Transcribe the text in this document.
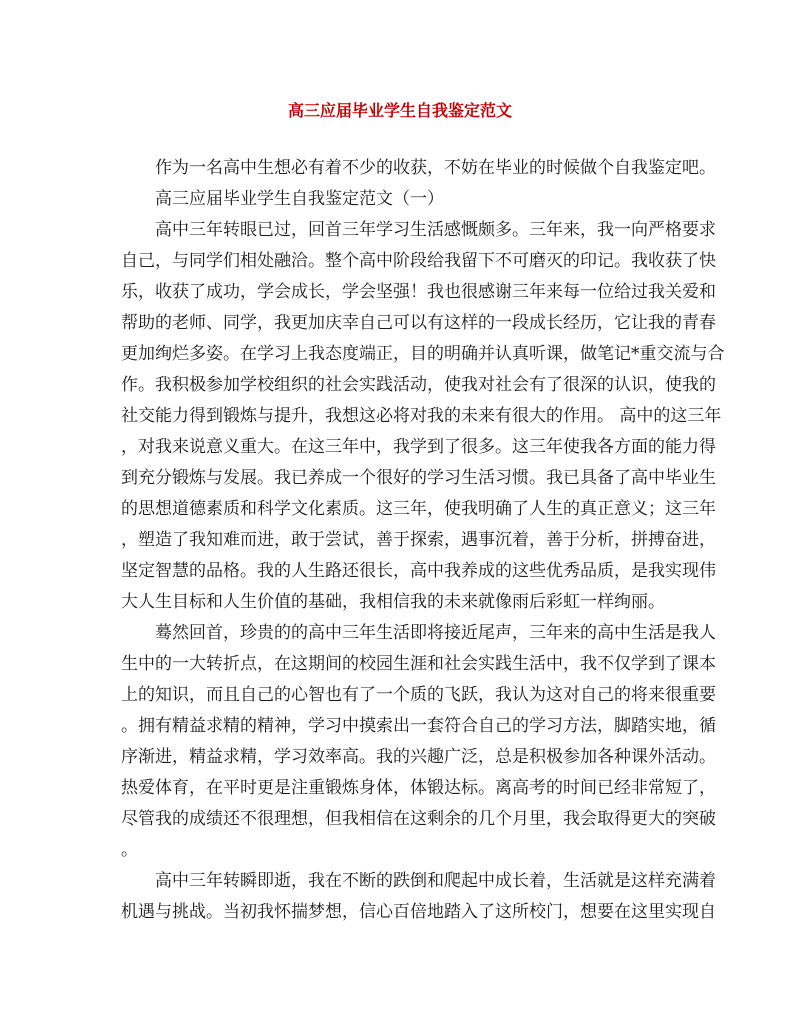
高三应届毕业学生自我鉴定范文

　　作为一名高中生想必有着不少的收获，不妨在毕业的时候做个自我鉴定吧。

　　高三应届毕业学生自我鉴定范文（一）

　　高中三年转眼已过，回首三年学习生活感慨颇多。三年来，我一向严格要求

自己，与同学们相处融洽。整个高中阶段给我留下不可磨灭的印记。我收获了快

乐，收获了成功，学会成长，学会坚强！我也很感谢三年来每一位给过我关爱和

帮助的老师、同学，我更加庆幸自己可以有这样的一段成长经历，它让我的青春

更加绚烂多姿。在学习上我态度端正，目的明确并认真听课，做笔记*重交流与合

作。我积极参加学校组织的社会实践活动，使我对社会有了很深的认识，使我的

社交能力得到锻炼与提升，我想这必将对我的未来有很大的作用。 高中的这三年

，对我来说意义重大。在这三年中，我学到了很多。这三年使我各方面的能力得

到充分锻炼与发展。我已养成一个很好的学习生活习惯。我已具备了高中毕业生

的思想道德素质和科学文化素质。这三年，使我明确了人生的真正意义；这三年

，塑造了我知难而进，敢于尝试，善于探索，遇事沉着，善于分析，拼搏奋进，

坚定智慧的品格。我的人生路还很长，高中我养成的这些优秀品质，是我实现伟

大人生目标和人生价值的基础，我相信我的未来就像雨后彩虹一样绚丽。

　　蓦然回首，珍贵的的高中三年生活即将接近尾声，三年来的高中生活是我人

生中的一大转折点，在这期间的校园生涯和社会实践生活中，我不仅学到了课本

上的知识，而且自己的心智也有了一个质的飞跃，我认为这对自己的将来很重要

。拥有精益求精的精神，学习中摸索出一套符合自己的学习方法，脚踏实地，循

序渐进，精益求精，学习效率高。我的兴趣广泛，总是积极参加各种课外活动。

热爱体育，在平时更是注重锻炼身体，体锻达标。离高考的时间已经非常短了，

尽管我的成绩还不很理想，但我相信在这剩余的几个月里，我会取得更大的突破

。

　　高中三年转瞬即逝，我在不断的跌倒和爬起中成长着，生活就是这样充满着

机遇与挑战。当初我怀揣梦想，信心百倍地踏入了这所校门，想要在这里实现自
